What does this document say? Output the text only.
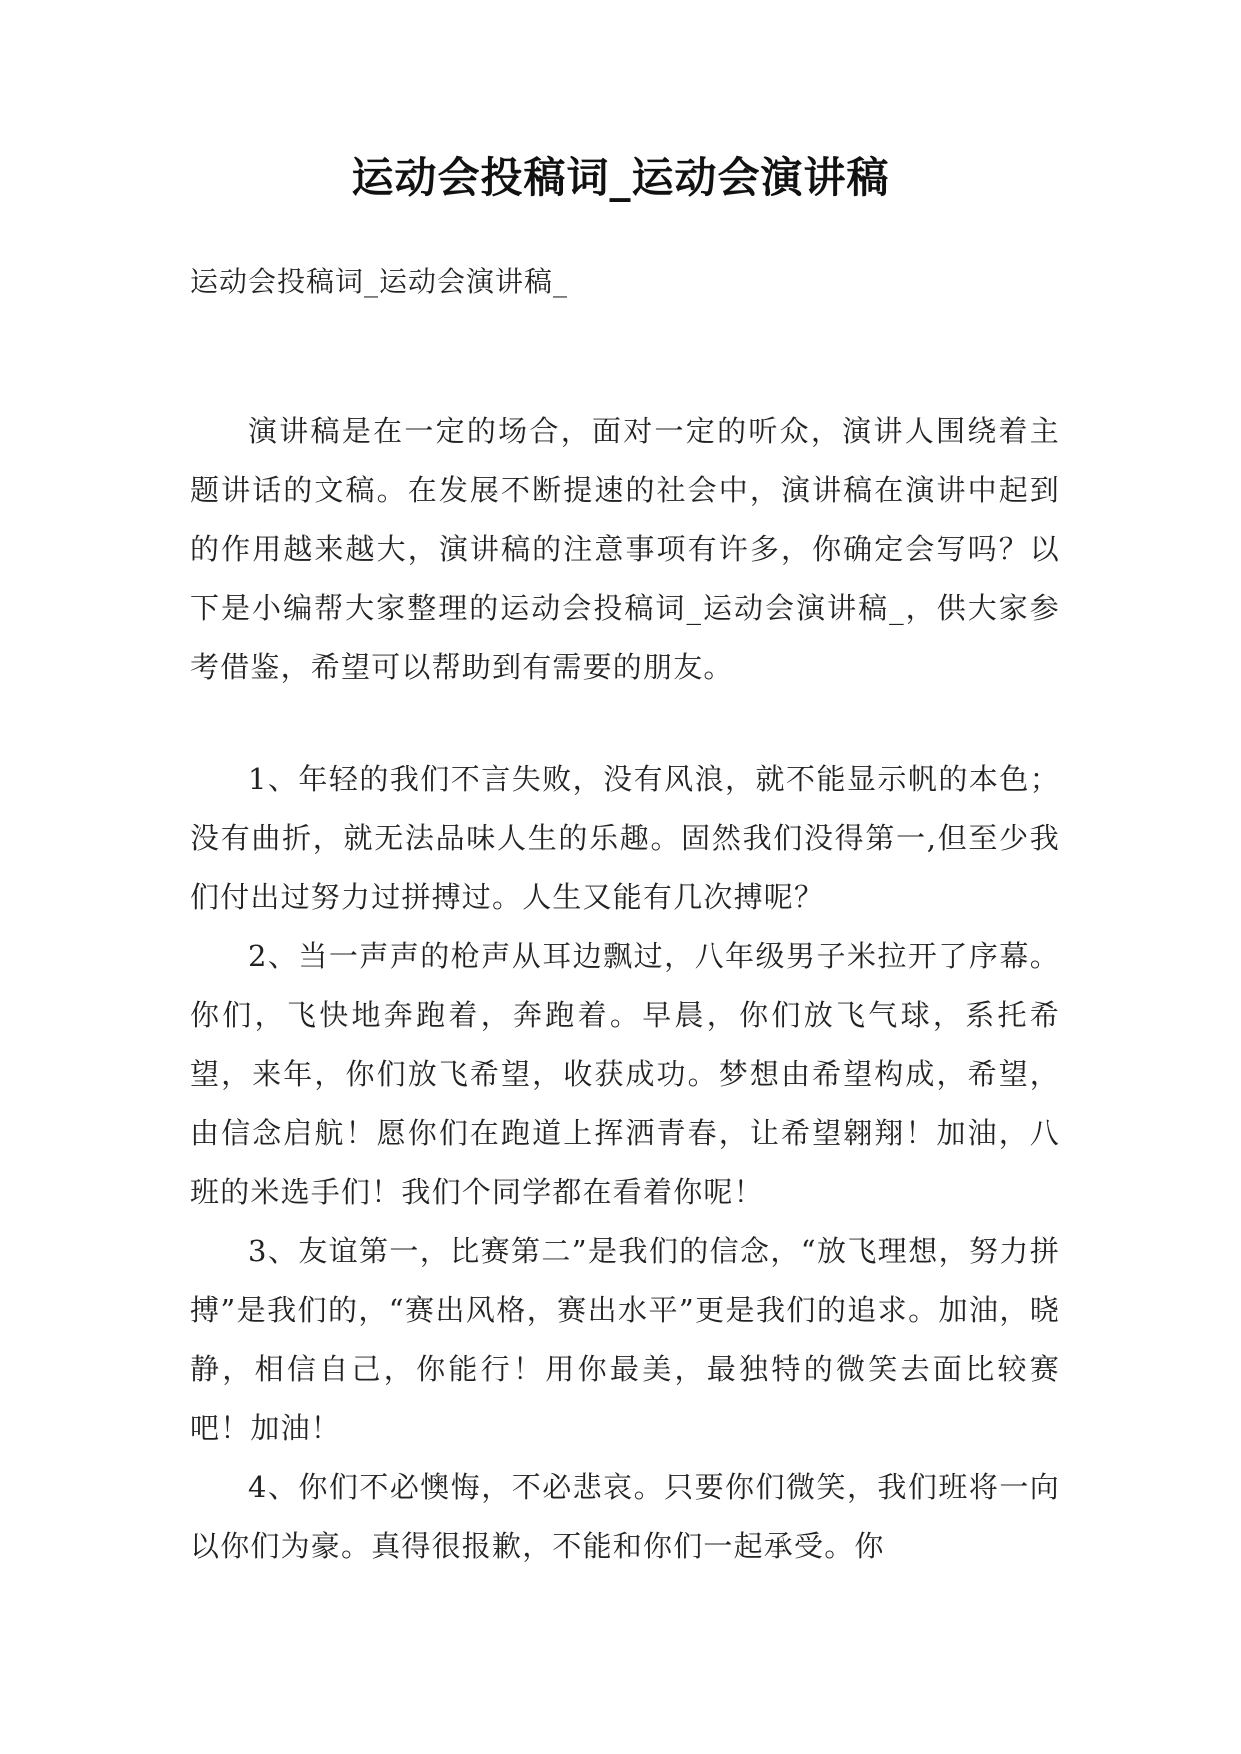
运动会投稿词_运动会演讲稿
运动会投稿词_运动会演讲稿_

演讲稿是在一定的场合，面对一定的听众，演讲人围绕着主题讲话的文稿。在发展不断提速的社会中，演讲稿在演讲中起到的作用越来越大，演讲稿的注意事项有许多，你确定会写吗？以下是小编帮大家整理的运动会投稿词_运动会演讲稿_，供大家参考借鉴，希望可以帮助到有需要的朋友。

1、年轻的我们不言失败，没有风浪，就不能显示帆的本色；没有曲折，就无法品味人生的乐趣。固然我们没得第一,但至少我们付出过努力过拼搏过。人生又能有几次搏呢？

2、当一声声的枪声从耳边飘过，八年级男子米拉开了序幕。你们，飞快地奔跑着，奔跑着。早晨，你们放飞气球，系托希望，来年，你们放飞希望，收获成功。梦想由希望构成，希望，由信念启航！愿你们在跑道上挥洒青春，让希望翱翔！加油，八班的米选手们！我们个同学都在看着你呢！

3、友谊第一，比赛第二”是我们的信念，“放飞理想，努力拼搏”是我们的，“赛出风格，赛出水平”更是我们的追求。加油，晓静，相信自己，你能行！用你最美，最独特的微笑去面比较赛吧！加油！

4、你们不必懊悔，不必悲哀。只要你们微笑，我们班将一向以你们为豪。真得很报歉，不能和你们一起承受。你
